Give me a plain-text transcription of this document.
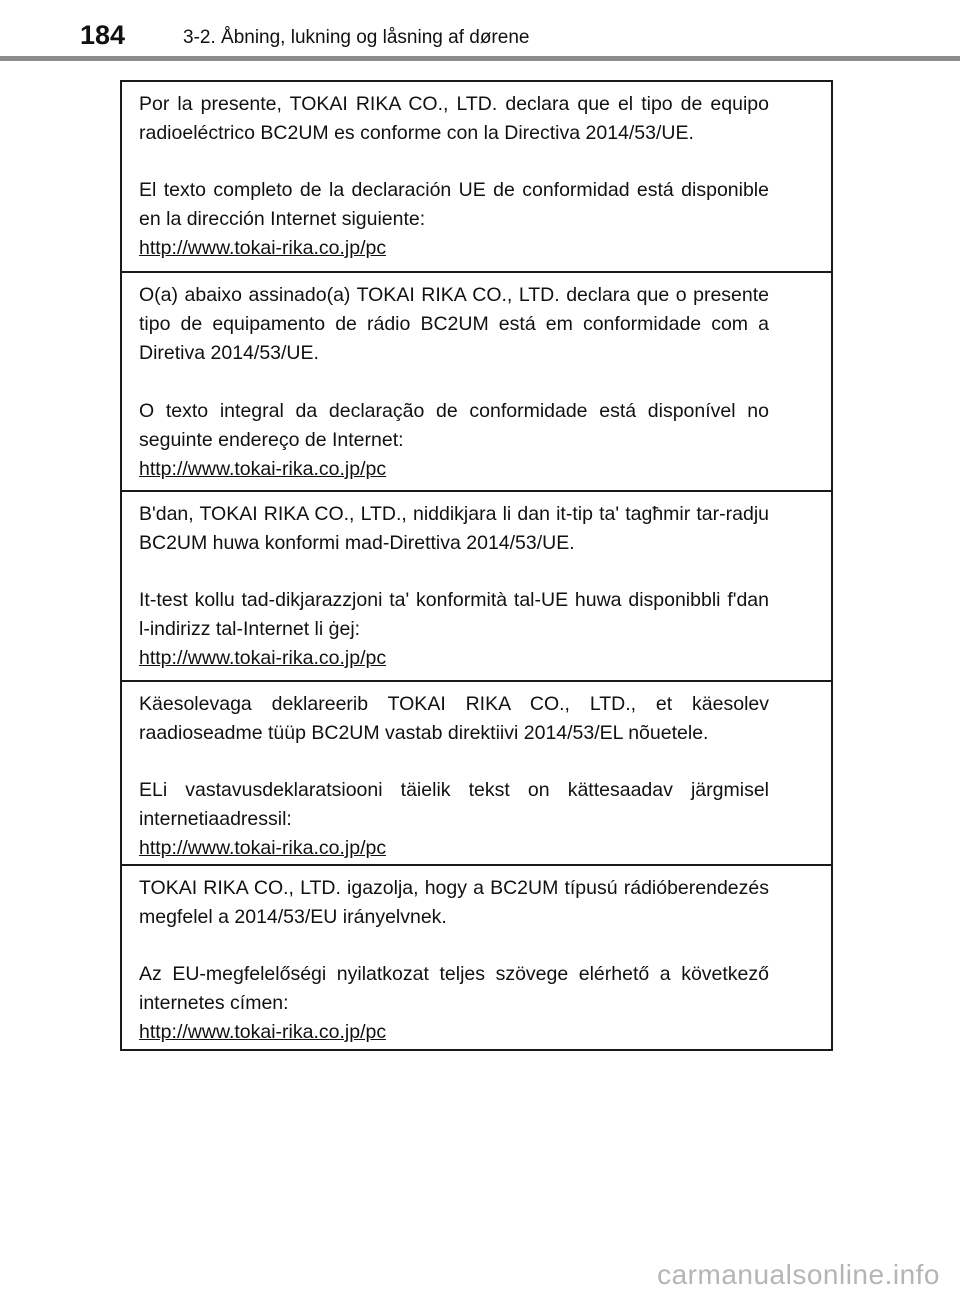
184	3-2. Åbning, lukning og låsning af dørene

Por la presente, TOKAI RIKA CO., LTD. declara que el tipo de equipo radioeléctrico BC2UM es conforme con la Directiva 2014/53/UE.

El texto completo de la declaración UE de conformidad está disponible en la dirección Internet siguiente:

http://www.tokai-rika.co.jp/pc

O(a) abaixo assinado(a) TOKAI RIKA CO., LTD. declara que o presente tipo de equipamento de rádio BC2UM está em conformidade com a Diretiva 2014/53/UE.

O texto integral da declaração de conformidade está disponível no seguinte endereço de Internet:

http://www.tokai-rika.co.jp/pc

B'dan, TOKAI RIKA CO., LTD., niddikjara li dan it-tip ta' tagħmir tar-radju BC2UM huwa konformi mad-Direttiva 2014/53/UE.

It-test kollu tad-dikjarazzjoni ta' konformità tal-UE huwa disponibbli f'dan l-indirizz tal-Internet li ġej:

http://www.tokai-rika.co.jp/pc

Käesolevaga deklareerib TOKAI RIKA CO., LTD., et käesolev raadioseadme tüüp BC2UM vastab direktiivi 2014/53/EL nõuetele.

ELi vastavusdeklaratsiooni täielik tekst on kättesaadav järgmisel internetiaadressil:

http://www.tokai-rika.co.jp/pc

TOKAI RIKA CO., LTD. igazolja, hogy a BC2UM típusú rádióberendezés megfelel a 2014/53/EU irányelvnek.

Az EU-megfelelőségi nyilatkozat teljes szövege elérhető a következő internetes címen:

http://www.tokai-rika.co.jp/pc
carmanualsonline.info
